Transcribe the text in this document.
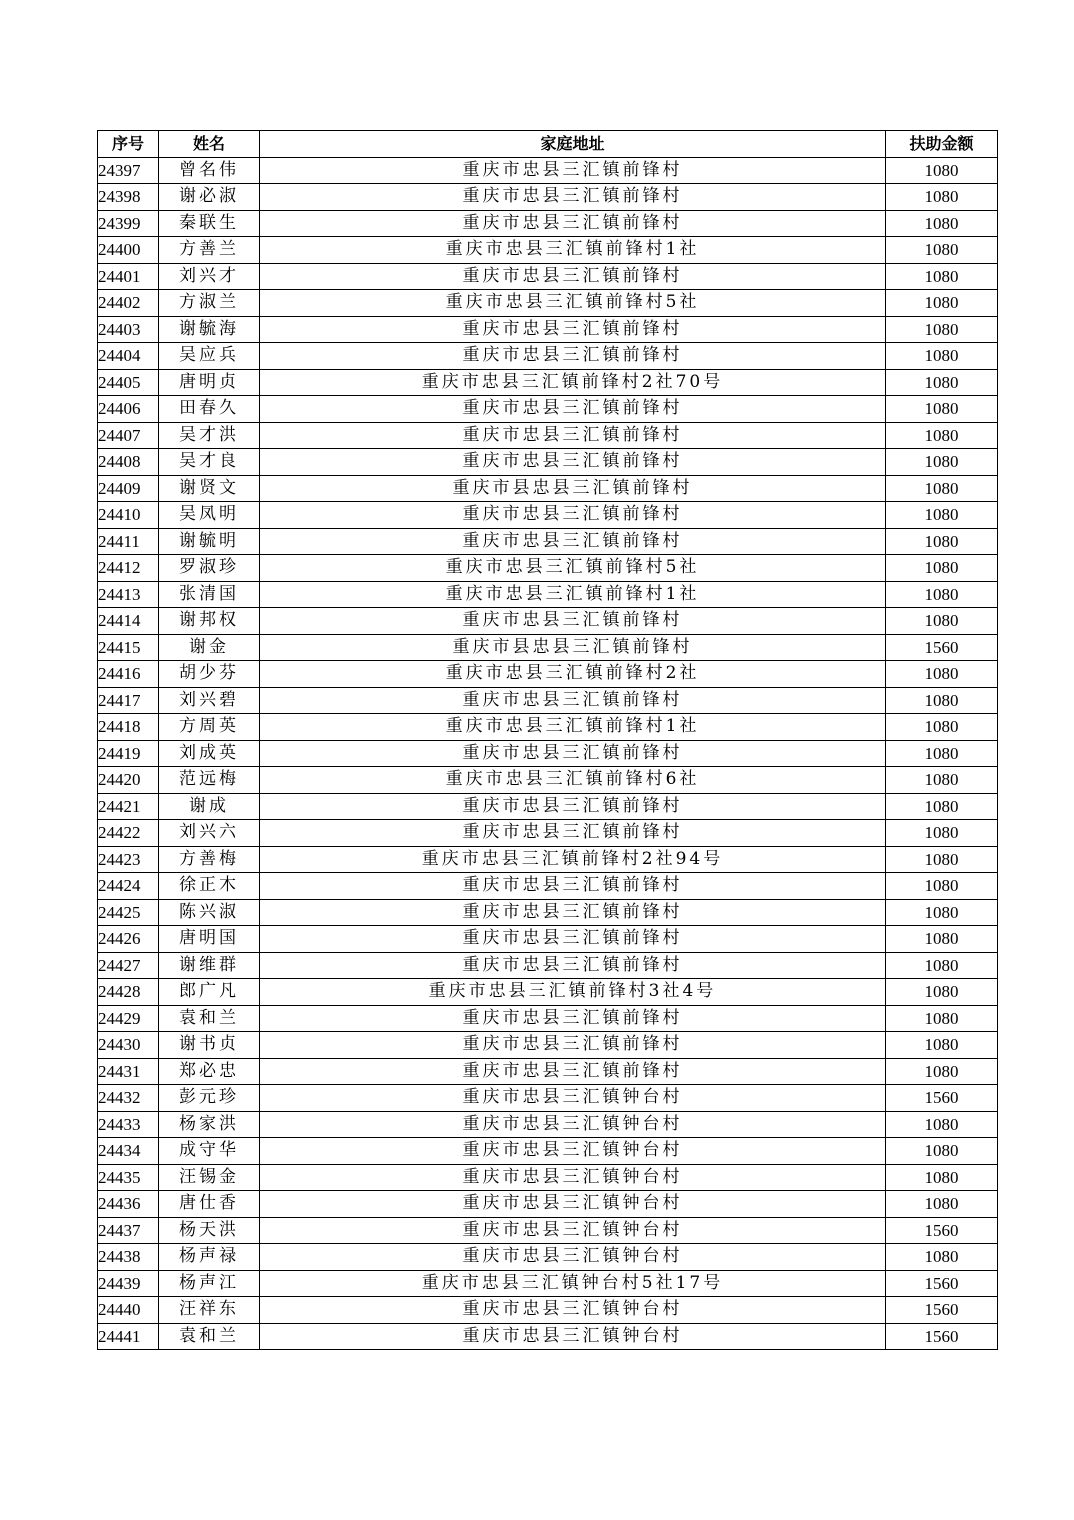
序号	姓名	家庭地址	扶助金额
24397	曾名伟	重庆市忠县三汇镇前锋村	1080
24398	谢必淑	重庆市忠县三汇镇前锋村	1080
24399	秦联生	重庆市忠县三汇镇前锋村	1080
24400	方善兰	重庆市忠县三汇镇前锋村1社	1080
24401	刘兴才	重庆市忠县三汇镇前锋村	1080
24402	方淑兰	重庆市忠县三汇镇前锋村5社	1080
24403	谢毓海	重庆市忠县三汇镇前锋村	1080
24404	吴应兵	重庆市忠县三汇镇前锋村	1080
24405	唐明贞	重庆市忠县三汇镇前锋村2社70号	1080
24406	田春久	重庆市忠县三汇镇前锋村	1080
24407	吴才洪	重庆市忠县三汇镇前锋村	1080
24408	吴才良	重庆市忠县三汇镇前锋村	1080
24409	谢贤文	重庆市县忠县三汇镇前锋村	1080
24410	吴凤明	重庆市忠县三汇镇前锋村	1080
24411	谢毓明	重庆市忠县三汇镇前锋村	1080
24412	罗淑珍	重庆市忠县三汇镇前锋村5社	1080
24413	张清国	重庆市忠县三汇镇前锋村1社	1080
24414	谢邦权	重庆市忠县三汇镇前锋村	1080
24415	谢金	重庆市县忠县三汇镇前锋村	1560
24416	胡少芬	重庆市忠县三汇镇前锋村2社	1080
24417	刘兴碧	重庆市忠县三汇镇前锋村	1080
24418	方周英	重庆市忠县三汇镇前锋村1社	1080
24419	刘成英	重庆市忠县三汇镇前锋村	1080
24420	范远梅	重庆市忠县三汇镇前锋村6社	1080
24421	谢成	重庆市忠县三汇镇前锋村	1080
24422	刘兴六	重庆市忠县三汇镇前锋村	1080
24423	方善梅	重庆市忠县三汇镇前锋村2社94号	1080
24424	徐正木	重庆市忠县三汇镇前锋村	1080
24425	陈兴淑	重庆市忠县三汇镇前锋村	1080
24426	唐明国	重庆市忠县三汇镇前锋村	1080
24427	谢维群	重庆市忠县三汇镇前锋村	1080
24428	郎广凡	重庆市忠县三汇镇前锋村3社4号	1080
24429	袁和兰	重庆市忠县三汇镇前锋村	1080
24430	谢书贞	重庆市忠县三汇镇前锋村	1080
24431	郑必忠	重庆市忠县三汇镇前锋村	1080
24432	彭元珍	重庆市忠县三汇镇钟台村	1560
24433	杨家洪	重庆市忠县三汇镇钟台村	1080
24434	成守华	重庆市忠县三汇镇钟台村	1080
24435	汪锡金	重庆市忠县三汇镇钟台村	1080
24436	唐仕香	重庆市忠县三汇镇钟台村	1080
24437	杨天洪	重庆市忠县三汇镇钟台村	1560
24438	杨声禄	重庆市忠县三汇镇钟台村	1080
24439	杨声江	重庆市忠县三汇镇钟台村5社17号	1560
24440	汪祥东	重庆市忠县三汇镇钟台村	1560
24441	袁和兰	重庆市忠县三汇镇钟台村	1560
